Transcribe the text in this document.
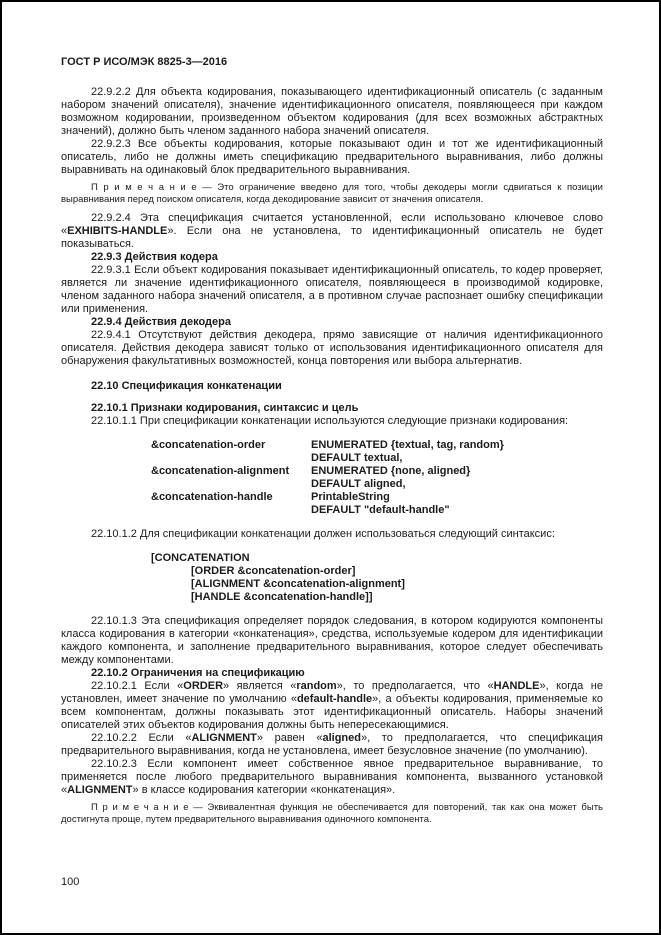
ГОСТ Р ИСО/МЭК 8825-3—2016
22.9.2.2 Для объекта кодирования, показывающего идентификационный описатель (с заданным набором значений описателя), значение идентификационного описателя, появляющееся при каждом возможном кодировании, произведенном объектом кодирования (для всех возможных абстрактных значений), должно быть членом заданного набора значений описателя.
22.9.2.3 Все объекты кодирования, которые показывают один и тот же идентификационный описатель, либо не должны иметь спецификацию предварительного выравнивания, либо должны выравнивать на одинаковый блок предварительного выравнивания.
П р и м е ч а н и е — Это ограничение введено для того, чтобы декодеры могли сдвигаться к позиции выравнивания перед поиском описателя, когда декодирование зависит от значения описателя.
22.9.2.4 Эта спецификация считается установленной, если использовано ключевое слово «EXHIBITS-HANDLE». Если она не установлена, то идентификационный описатель не будет показываться.
22.9.3 Действия кодера
22.9.3.1 Если объект кодирования показывает идентификационный описатель, то кодер проверяет, является ли значение идентификационного описателя, появляющееся в производимой кодировке, членом заданного набора значений описателя, а в противном случае распознает ошибку спецификации или применения.
22.9.4 Действия декодера
22.9.4.1 Отсутствуют действия декодера, прямо зависящие от наличия идентификационного описателя. Действия декодера зависят только от использования идентификационного описателя для обнаружения факультативных возможностей, конца повторения или выбора альтернатив.
22.10 Спецификация конкатенации
22.10.1 Признаки кодирования, синтаксис и цель
22.10.1.1 При спецификации конкатенации используются следующие признаки кодирования:
&concatenation-order	ENUMERATED {textual, tag, random}
DEFAULT textual,
&concatenation-alignment	ENUMERATED {none, aligned}
DEFAULT aligned,
&concatenation-handle	PrintableString
DEFAULT "default-handle"
22.10.1.2 Для спецификации конкатенации должен использоваться следующий синтаксис:
[CONCATENATION
[ORDER &concatenation-order]
[ALIGNMENT &concatenation-alignment]
[HANDLE &concatenation-handle]]
22.10.1.3 Эта спецификация определяет порядок следования, в котором кодируются компоненты класса кодирования в категории «конкатенация», средства, используемые кодером для идентификации каждого компонента, и заполнение предварительного выравнивания, которое следует обеспечивать между компонентами.
22.10.2 Ограничения на спецификацию
22.10.2.1 Если «ORDER» является «random», то предполагается, что «HANDLE», когда не установлен, имеет значение по умолчанию «default-handle», а объекты кодирования, применяемые ко всем компонентам, должны показывать этот идентификационный описатель. Наборы значений описателей этих объектов кодирования должны быть непересекающимися.
22.10.2.2 Если «ALIGNMENT» равен «aligned», то предполагается, что спецификация предварительного выравнивания, когда не установлена, имеет безусловное значение (по умолчанию).
22.10.2.3 Если компонент имеет собственное явное предварительное выравнивание, то применяется после любого предварительного выравнивания компонента, вызванного установкой «ALIGNMENT» в классе кодирования категории «конкатенация».
П р и м е ч а н и е — Эквивалентная функция не обеспечивается для повторений, так как она может быть достигнута проще, путем предварительного выравнивания одиночного компонента.
100
